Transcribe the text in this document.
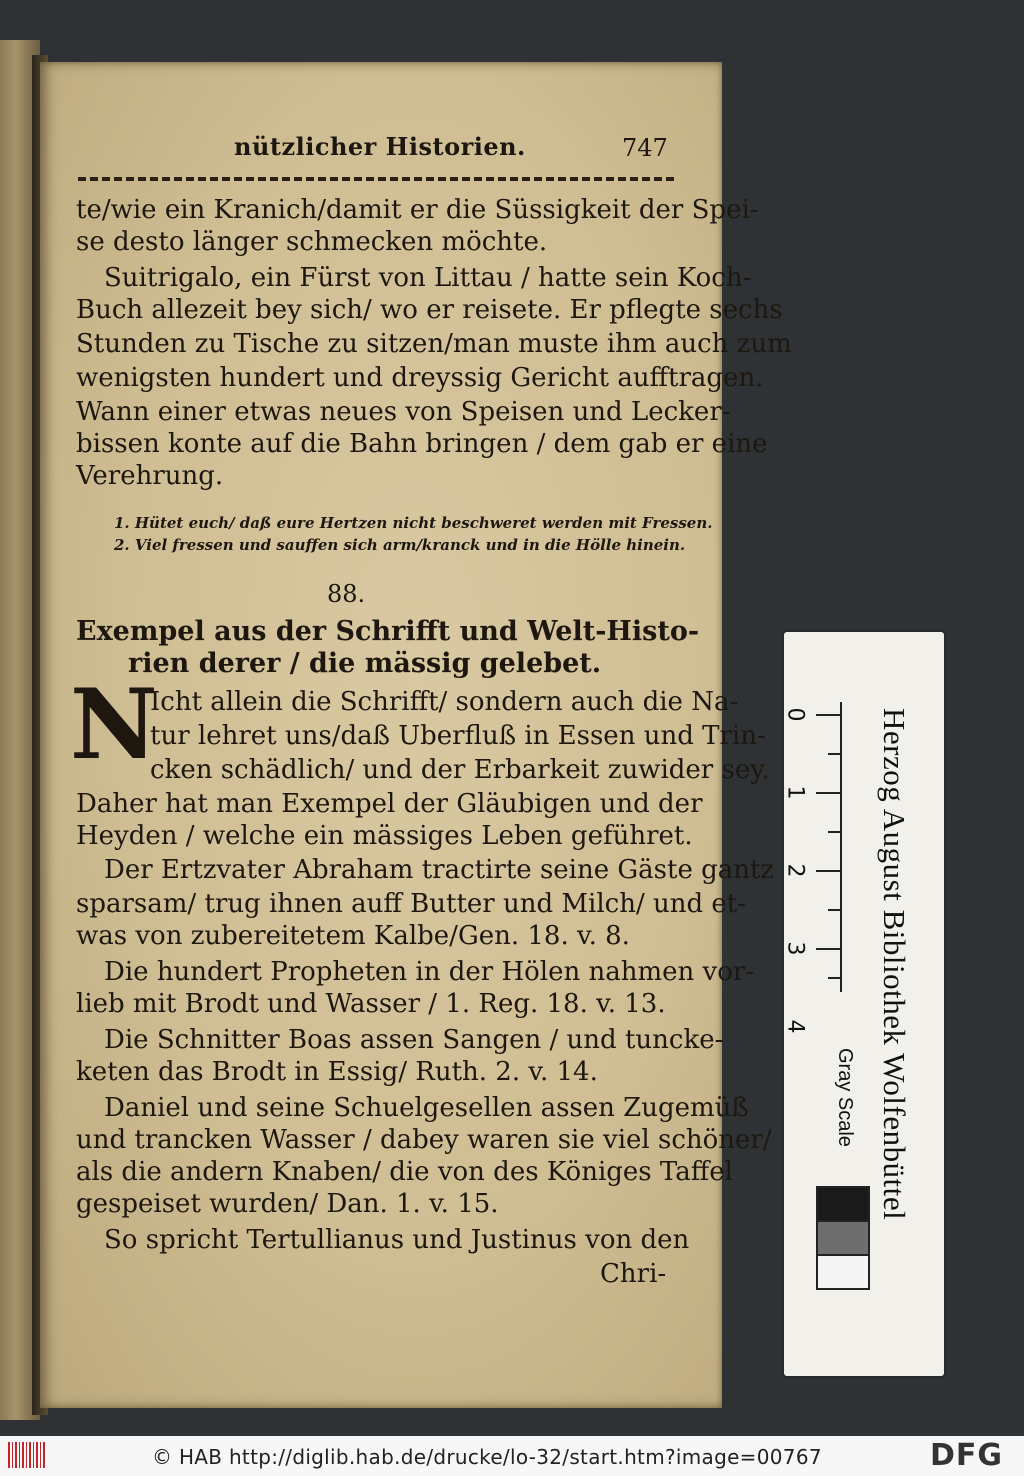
nützlicher Historien.	747
te/wie ein Kranich/damit er die Süssigkeit der Spei-
se desto länger schmecken möchte.
Suitrigalo, ein Fürst von Littau / hatte sein Koch-
Buch allezeit bey sich/ wo er reisete. Er pflegte sechs
Stunden zu Tische zu sitzen/man muste ihm auch zum
wenigsten hundert und dreyssig Gericht aufftragen.
Wann einer etwas neues von Speisen und Lecker-
bissen konte auf die Bahn bringen / dem gab er eine
Verehrung.
1. Hütet euch/ daß eure Hertzen nicht beschweret werden mit Fressen.
2. Viel fressen und sauffen sich arm/kranck und in die Hölle hinein.
88.
Exempel aus der Schrifft und Welt-Histo-
rien derer / die mässig gelebet.
N
Icht allein die Schrifft/ sondern auch die Na-
tur lehret uns/daß Uberfluß in Essen und Trin-
cken schädlich/ und der Erbarkeit zuwider sey.
Daher hat man Exempel der Gläubigen und der
Heyden / welche ein mässiges Leben geführet.
Der Ertzvater Abraham tractirte seine Gäste gantz
sparsam/ trug ihnen auff Butter und Milch/ und et-
was von zubereitetem Kalbe/Gen. 18. v. 8.
Die hundert Propheten in der Hölen nahmen vor-
lieb mit Brodt und Wasser / 1. Reg. 18. v. 13.
Die Schnitter Boas assen Sangen / und tuncke-
keten das Brodt in Essig/ Ruth. 2. v. 14.
Daniel und seine Schuelgesellen assen Zugemüß
und trancken Wasser / dabey waren sie viel schöner/
als die andern Knaben/ die von des Königes Taffel
gespeiset wurden/ Dan. 1. v. 15.
So spricht Tertullianus und Justinus von den
Chri-
0
1
2
3
4
Gray Scale Herzog August Bibliothek Wolfenbüttel
© HAB http://diglib.hab.de/drucke/lo-32/start.htm?image=00767	DFG
